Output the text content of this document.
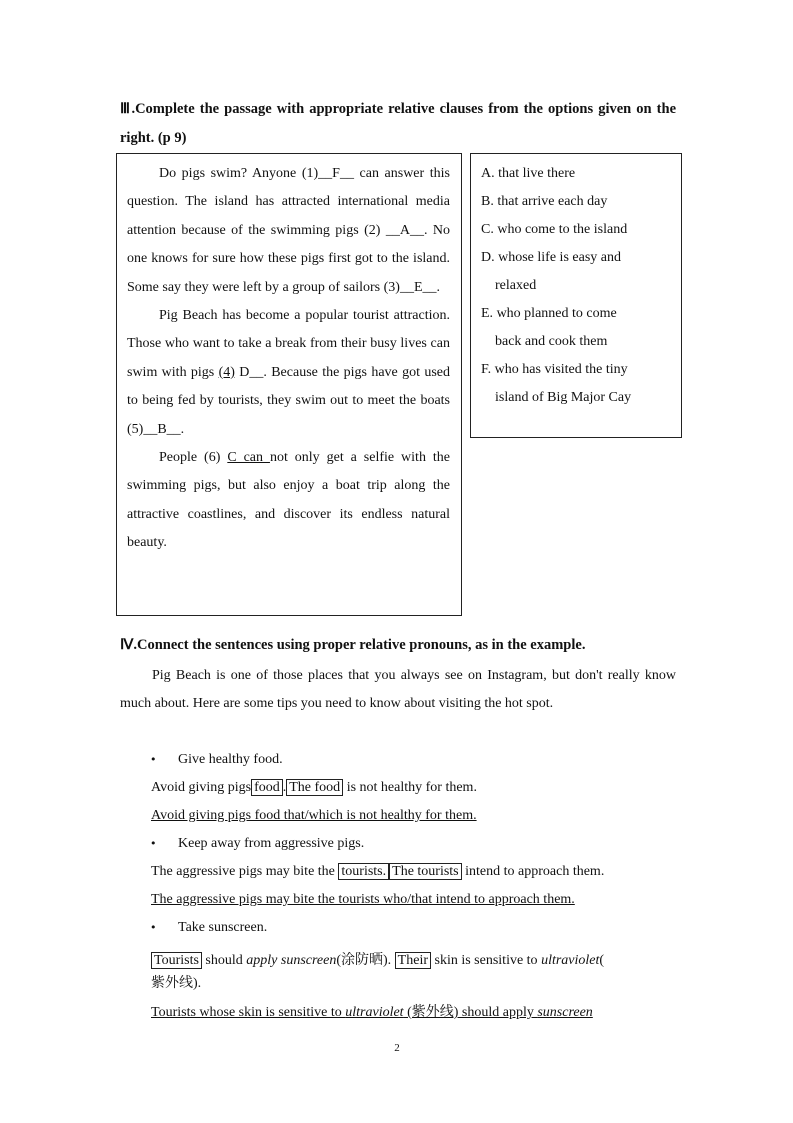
Ⅲ.Complete the passage with appropriate relative clauses from the options given on the right. (p 9)

Do pigs swim? Anyone (1)__F__ can answer this question. The island has attracted international media attention because of the swimming pigs (2) __A__. No one knows for sure how these pigs first got to the island. Some say they were left by a group of sailors (3)__E__.

Pig Beach has become a popular tourist attraction. Those who want to take a break from their busy lives can swim with pigs (4) D__. Because the pigs have got used to being fed by tourists, they swim out to meet the boats (5)__B__.

People (6) C can not only get a selfie with the swimming pigs, but also enjoy a boat trip along the attractive coastlines, and discover its endless natural beauty.

A. that live there

B. that arrive each day

C. who come to the island

D. whose life is easy and

relaxed

E. who planned to come

back and cook them

F. who has visited the tiny

island of Big Major Cay

Ⅳ.Connect the sentences using proper relative pronouns, as in the example.

Pig Beach is one of those places that you always see on Instagram, but don't really know much about. Here are some tips you need to know about visiting the hot spot.

• Give healthy food.
Avoid giving pigs food . The food is not healthy for them.
Avoid giving pigs food that/which is not healthy for them.
• Keep away from aggressive pigs.
The aggressive pigs may bite the tourists. The tourists intend to approach them.
The aggressive pigs may bite the tourists who/that intend to approach them.
• Take sunscreen.
Tourists should apply sunscreen(涂防晒). Their skin is sensitive to ultraviolet(
紫外线).
Tourists whose skin is sensitive to ultraviolet (紫外线) should apply sunscreen
2
